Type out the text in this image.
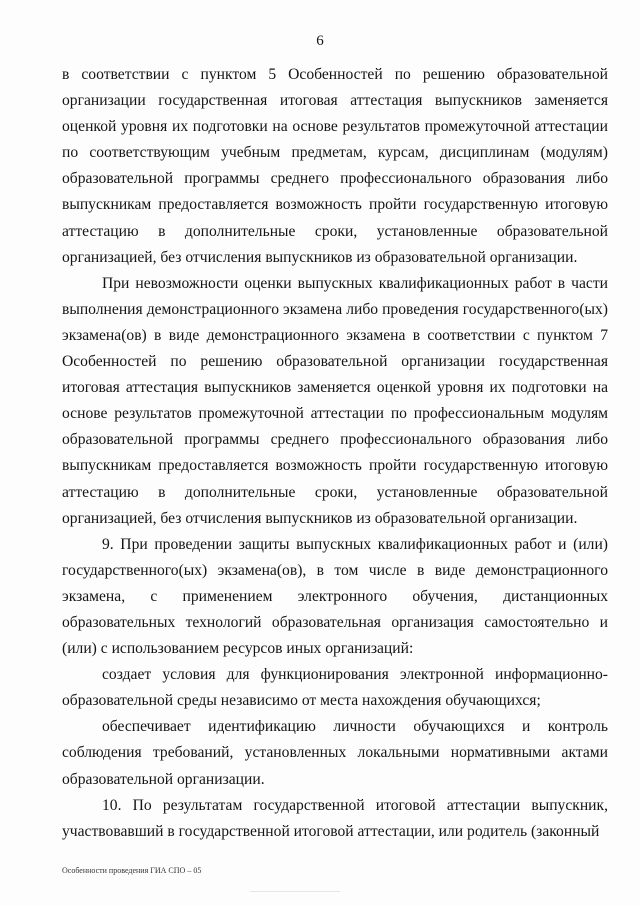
6

в соответствии с пунктом 5 Особенностей по решению образовательной организации государственная итоговая аттестация выпускников заменяется оценкой уровня их подготовки на основе результатов промежуточной аттестации по соответствующим учебным предметам, курсам, дисциплинам (модулям) образовательной программы среднего профессионального образования либо выпускникам предоставляется возможность пройти государственную итоговую аттестацию в дополнительные сроки, установленные образовательной организацией, без отчисления выпускников из образовательной организации.

При невозможности оценки выпускных квалификационных работ в части выполнения демонстрационного экзамена либо проведения государственного(ых) экзамена(ов) в виде демонстрационного экзамена в соответствии с пунктом 7 Особенностей по решению образовательной организации государственная итоговая аттестация выпускников заменяется оценкой уровня их подготовки на основе результатов промежуточной аттестации по профессиональным модулям образовательной программы среднего профессионального образования либо выпускникам предоставляется возможность пройти государственную итоговую аттестацию в дополнительные сроки, установленные образовательной организацией, без отчисления выпускников из образовательной организации.

9. При проведении защиты выпускных квалификационных работ и (или) государственного(ых) экзамена(ов), в том числе в виде демонстрационного экзамена, с применением электронного обучения, дистанционных образовательных технологий образовательная организация самостоятельно и (или) с использованием ресурсов иных организаций:

создает условия для функционирования электронной информационно-образовательной среды независимо от места нахождения обучающихся;

обеспечивает идентификацию личности обучающихся и контроль соблюдения требований, установленных локальными нормативными актами образовательной организации.

10. По результатам государственной итоговой аттестации выпускник, участвовавший в государственной итоговой аттестации, или родитель (законный

Особенности проведения ГИА СПО – 05
